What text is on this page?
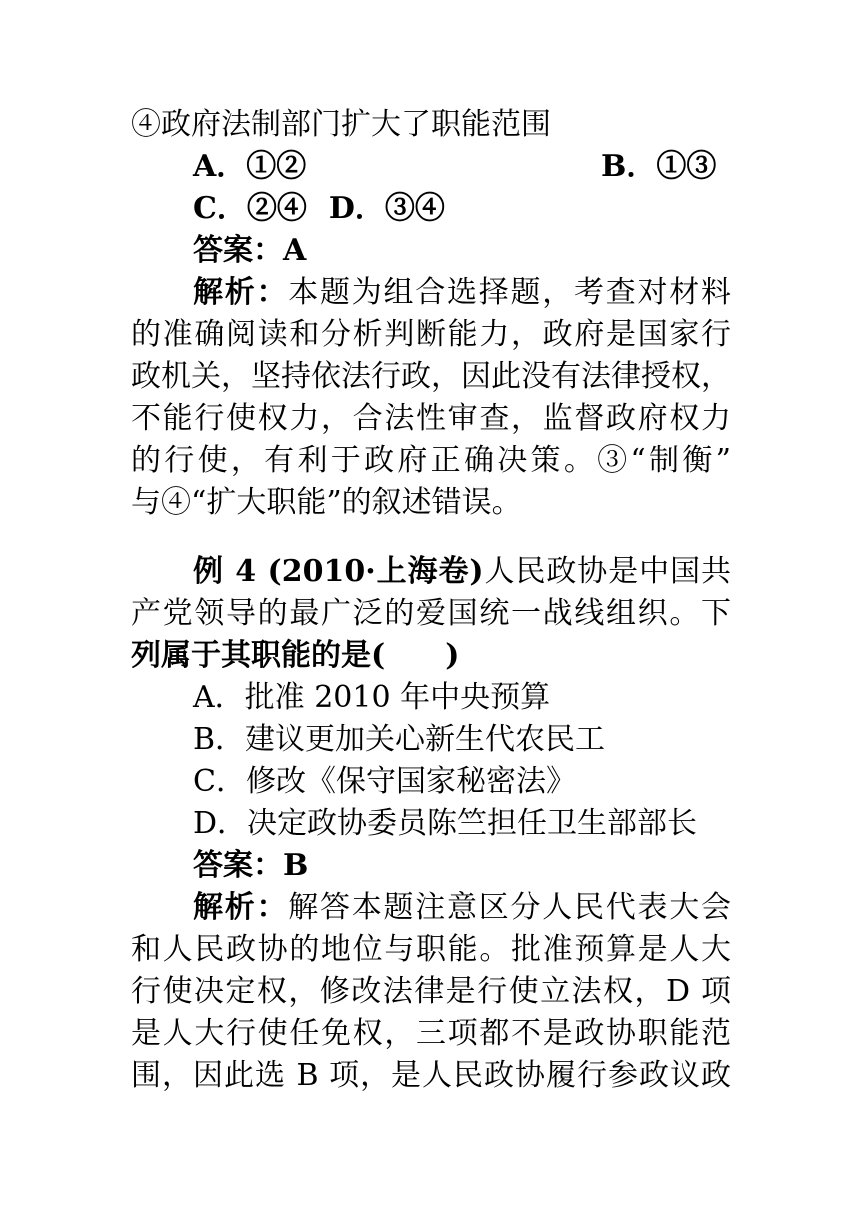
④政府法制部门扩大了职能范围
A．①②	B．①③
C．②④ D．③④
答案：A
解析：本题为组合选择题，考查对材料
的准确阅读和分析判断能力，政府是国家行
政机关，坚持依法行政，因此没有法律授权，
不能行使权力，合法性审查，监督政府权力
的行使，有利于政府正确决策。③“制衡”
与④“扩大职能”的叙述错误。
例 4 (2010·上海卷)人民政协是中国共
产党领导的最广泛的爱国统一战线组织。下
列属于其职能的是(　　)
A．批准 2010 年中央预算
B．建议更加关心新生代农民工
C．修改《保守国家秘密法》
D．决定政协委员陈竺担任卫生部部长
答案：B
解析：解答本题注意区分人民代表大会
和人民政协的地位与职能。批准预算是人大
行使决定权，修改法律是行使立法权，D 项
是人大行使任免权，三项都不是政协职能范
围，因此选 B 项，是人民政协履行参政议政
